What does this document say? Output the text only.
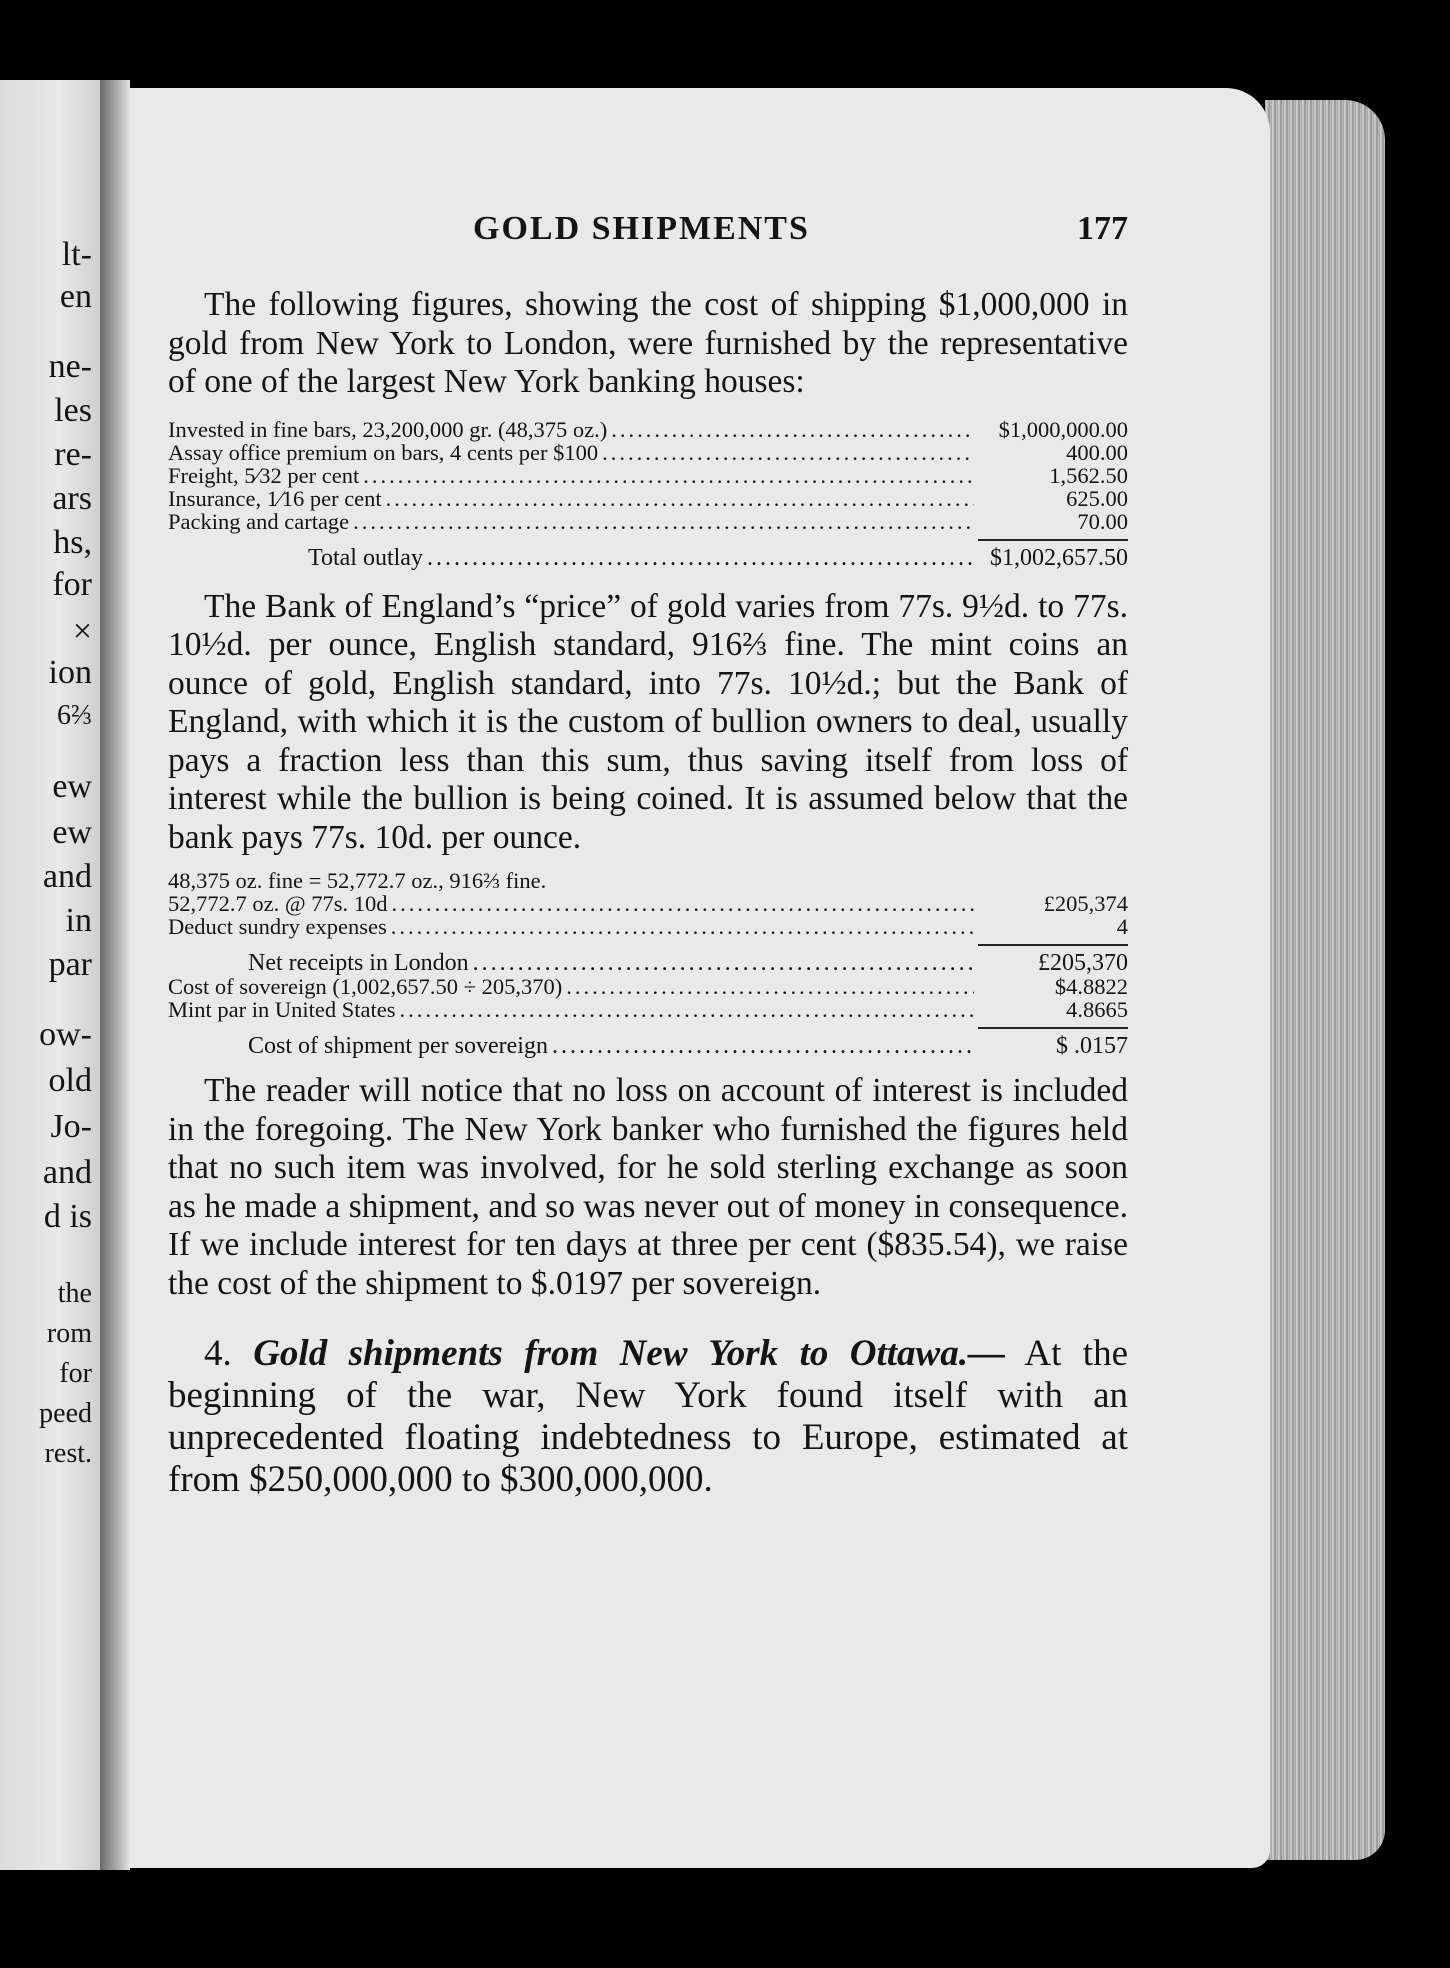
lt-
en
ne-
les
re-
ars
hs,
for
×
ion
6⅔
ew
ew
and
in
par
ow-
old
Jo-
and
d is
the
rom
for
peed
rest.
GOLD SHIPMENTS	177

The following figures, showing the cost of shipping $1,000,000 in gold from New York to London, were furnished by the representative of one of the largest New York banking houses:

Invested in fine bars, 23,200,000 gr. (48,375 oz.) .....	$1,000,000.00
Assay office premium on bars, 4 cents per $100 .....	400.00
Freight, 5⁄32 per cent .....	1,562.50
Insurance, 1⁄16 per cent .....	625.00
Packing and cartage .....	70.00
Total outlay .....	$1,002,657.50

The Bank of England’s “price” of gold varies from 77s. 9½d. to 77s. 10½d. per ounce, English standard, 916⅔ fine. The mint coins an ounce of gold, English standard, into 77s. 10½d.; but the Bank of England, with which it is the custom of bullion owners to deal, usually pays a fraction less than this sum, thus saving itself from loss of interest while the bullion is being coined. It is assumed below that the bank pays 77s. 10d. per ounce.

48,375 oz. fine = 52,772.7 oz., 916⅔ fine.
52,772.7 oz. @ 77s. 10d .....	£205,374
Deduct sundry expenses .....	4
Net receipts in London .....	£205,370
Cost of sovereign (1,002,657.50 ÷ 205,370) .....	$4.8822
Mint par in United States .....	4.8665
Cost of shipment per sovereign .....	$ .0157

The reader will notice that no loss on account of interest is included in the foregoing. The New York banker who furnished the figures held that no such item was involved, for he sold sterling exchange as soon as he made a shipment, and so was never out of money in consequence. If we include interest for ten days at three per cent ($835.54), we raise the cost of the shipment to $.0197 per sovereign.

4. Gold shipments from New York to Ottawa.— At the beginning of the war, New York found itself with an unprecedented floating indebtedness to Europe, estimated at from $250,000,000 to $300,000,000.
